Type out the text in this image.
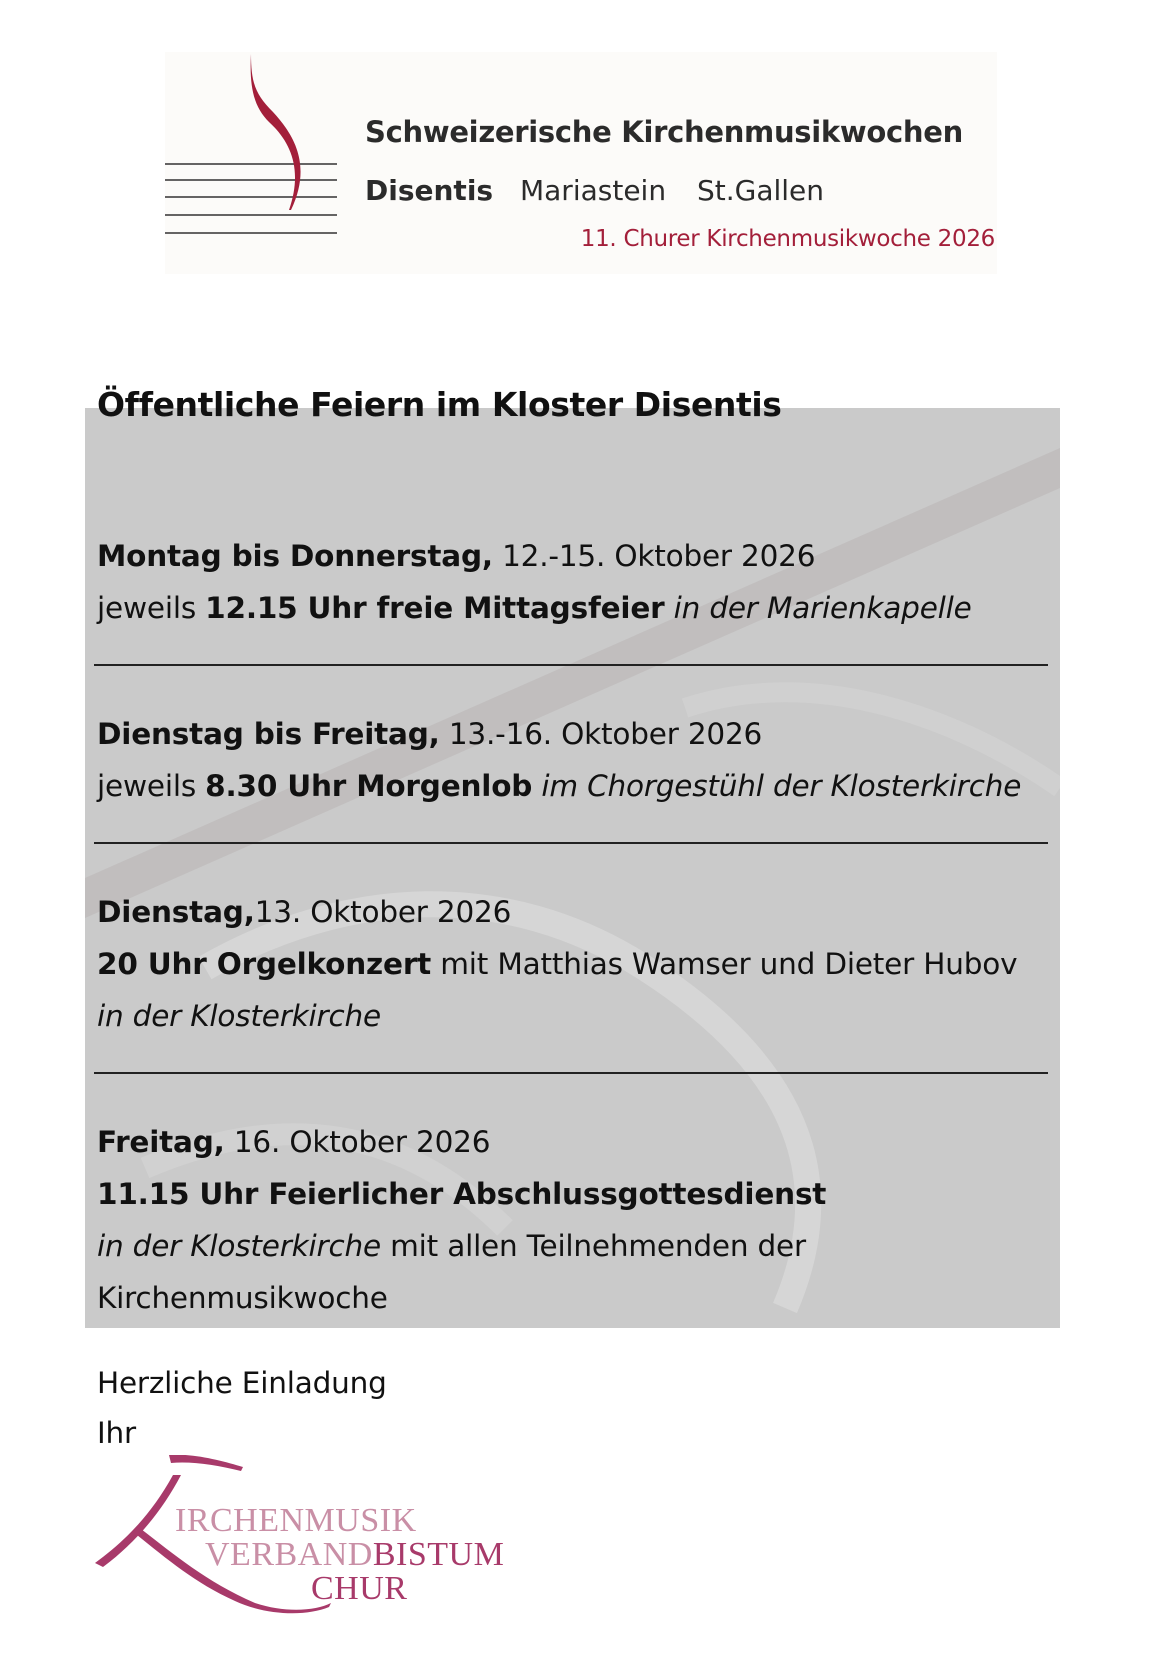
Schweizerische Kirchenmusikwochen
Disentis Mariastein St.Gallen
11. Churer Kirchenmusikwoche 2026
Öffentliche Feiern im Kloster Disentis
Montag bis Donnerstag, 12.-15. Oktober 2026
jeweils 12.15 Uhr freie Mittagsfeier in der Marienkapelle
Dienstag bis Freitag, 13.-16. Oktober 2026
jeweils 8.30 Uhr Morgenlob im Chorgestühl der Klosterkirche
Dienstag,13. Oktober 2026
20 Uhr Orgelkonzert mit Matthias Wamser und Dieter Hubov
in der Klosterkirche
Freitag, 16. Oktober 2026
11.15 Uhr Feierlicher Abschlussgottesdienst
in der Klosterkirche mit allen Teilnehmenden der
Kirchenmusikwoche
Herzliche Einladung
Ihr
IRCHENMUSIK
VERBANDBISTUM
CHUR
